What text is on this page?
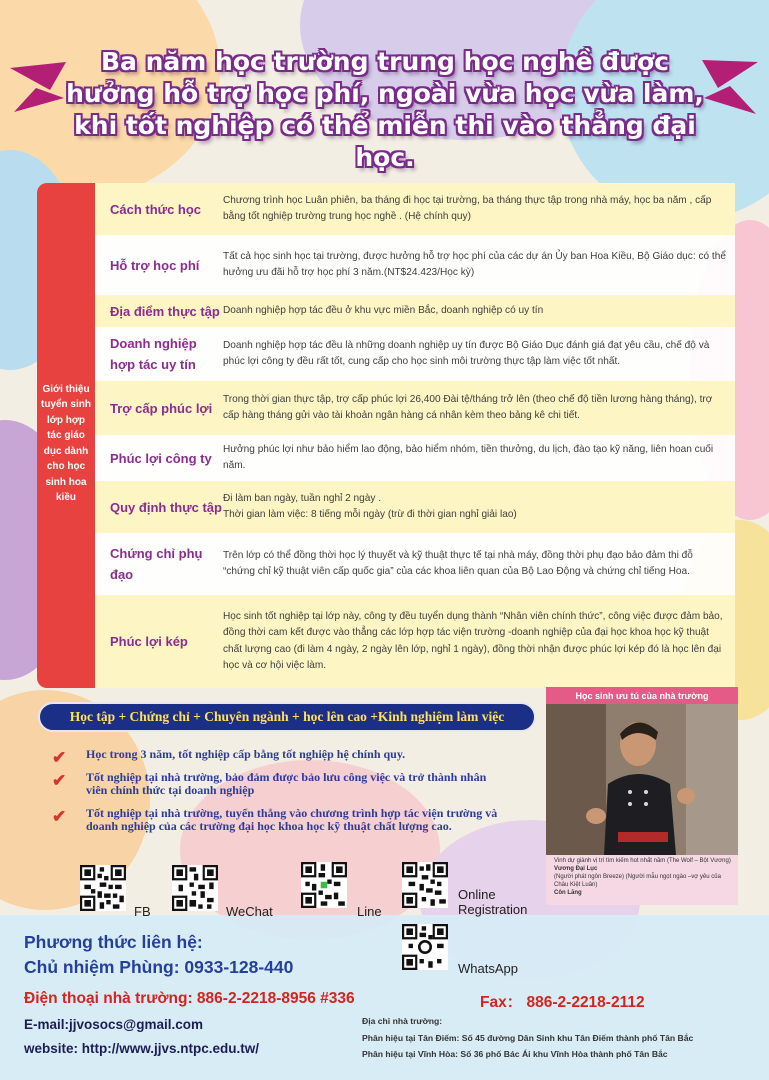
Ba năm học trường trung học nghề được
hưởng hỗ trợ học phí, ngoài vừa học vừa làm,
khi tốt nghiệp có thể miễn thi vào thẳng đại học.
Giới thiệu tuyển sinh lớp hợp tác giáo dục dành cho học sinh hoa kiều
Cách thức học
Chương trình học Luân phiên, ba tháng đi học tại trường, ba tháng thực tập trong nhà máy, học ba năm , cấp bằng tốt nghiệp trường trung học nghề . (Hệ chính quy)
Hỗ trợ học phí
Tất cả học sinh học tại trường, được hưởng hỗ trợ học phí của các dự án Ủy ban Hoa Kiều, Bộ Giáo dục: có thể hưởng ưu đãi hỗ trợ học phí 3 năm.(NT$24.423/Học kỳ)
Địa điểm thực tập Doanh nghiệp hợp tác đều ở khu vực miền Bắc, doanh nghiệp có uy tín
Doanh nghiệp hợp tác uy tín
Doanh nghiệp hợp tác đều là những doanh nghiệp uy tín được Bộ Giáo Dục đánh giá đạt yêu cầu, chế độ và phúc lợi công ty đều rất tốt, cung cấp cho học sinh môi trường thực tập làm việc tốt nhất.
Trợ cấp phúc lợi
Trong thời gian thực tập, trợ cấp phúc lợi 26,400 Đài tệ/tháng trở lên (theo chế độ tiền lương hàng tháng), trợ cấp hàng tháng gửi vào tài khoản ngân hàng cá nhân kèm theo bảng kê chi tiết.
Phúc lợi công ty
Hưởng phúc lợi như bảo hiểm lao động, bảo hiểm nhóm, tiền thưởng, du lịch, đào tạo kỹ năng, liên hoan cuối năm.
Quy định thực tập
Đi làm ban ngày, tuần nghỉ 2 ngày .
Thời gian làm việc: 8 tiếng mỗi ngày (trừ đi thời gian nghỉ giải lao)
Chứng chỉ phụ đạo
Trên lớp có thể đồng thời học lý thuyết và kỹ thuật thực tế tại nhà máy, đồng thời phụ đạo bảo đảm thi đỗ “chứng chỉ kỹ thuật viên cấp quốc gia” của các khoa liên quan của Bộ Lao Động và chứng chỉ tiếng Hoa.
Phúc lợi kép
Học sinh tốt nghiệp tại lớp này, công ty đều tuyển dụng thành “Nhân viên chính thức”, công việc được đảm bảo, đồng thời cam kết được vào thẳng các lớp hợp tác viện trường -doanh nghiệp của đại học khoa học kỹ thuật chất lượng cao (đi làm 4 ngày, 2 ngày lên lớp, nghỉ 1 ngày), đồng thời nhận được phúc lợi kép đó là học lên đại học và cơ hội việc làm.
Học tập + Chứng chỉ + Chuyên ngành + học lên cao +Kinh nghiệm làm việc
✔ Học trong 3 năm, tốt nghiệp cấp bằng tốt nghiệp hệ chính quy.
✔ Tốt nghiệp tại nhà trường, bảo đảm được bảo lưu công việc và trở thành nhân viên chính thức tại doanh nghiệp
✔ Tốt nghiệp tại nhà trường, tuyển thẳng vào chương trình hợp tác viện trường và doanh nghiệp của các trường đại học khoa học kỹ thuật chất lượng cao.
Học sinh ưu tú của nhà trường
Vinh dự giành vị trí tìm kiếm hot nhất năm (The Wolf – Bột Vương)
Vương Đại Lục
(Người phát ngôn Breeze) (Người mẫu ngọt ngào –vợ yêu của Châu Kiệt Luân)
Côn Lăng
FB	WeChat	Line
Online
Registration
WhatsApp
Phương thức liên hệ:
Chủ nhiệm Phùng: 0933-128-440
Điện thoại nhà trường: 886-2-2218-8956 #336	Fax： 886-2-2218-2112
E-mail:jjvosocs@gmail.com
website: http://www.jjvs.ntpc.edu.tw/
Địa chỉ nhà trường:
Phân hiệu tại Tân Điếm: Số 45 đường Dân Sinh khu Tân Điếm thành phố Tân Bắc
Phân hiệu tại Vĩnh Hòa: Số 36 phố Bác Ái khu Vĩnh Hòa thành phố Tân Bắc
